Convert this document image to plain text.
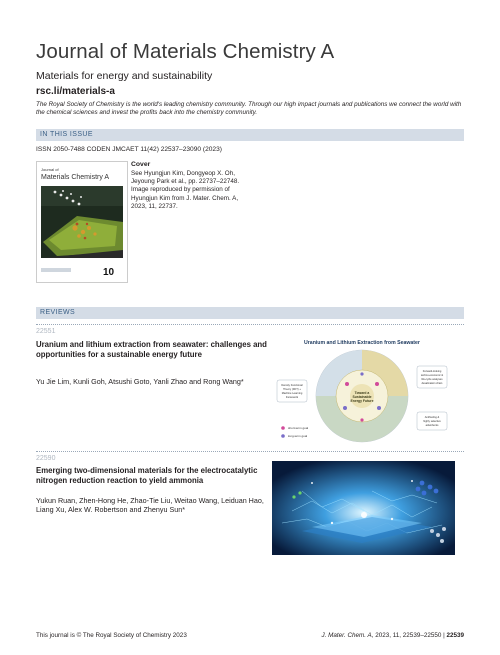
Journal of Materials Chemistry A
Materials for energy and sustainability
rsc.li/materials-a
The Royal Society of Chemistry is the world's leading chemistry community. Through our high impact journals and publications we connect the world with the chemical sciences and invest the profits back into the chemistry community.
IN THIS ISSUE
ISSN 2050-7488 CODEN JMCAET 11(42) 22537–23090 (2023)
Journal of
Materials Chemistry A
10
Cover
See Hyungjun Kim, Dongyeop X. Oh, Jeyoung Park et al., pp. 22737–22748. Image reproduced by permission of Hyungjun Kim from J. Mater. Chem. A, 2023, 11, 22737.
REVIEWS
22551
Uranium and lithium extraction from seawater: challenges and opportunities for a sustainable energy future
Yu Jie Lim, Kunli Goh, Atsushi Goto, Yanli Zhao and Rong Wang*
Uranium and Lithium Extraction from Seawater
Toward a
Sustainable
Energy Future
Density Functional
Theory (DFT) +
Machine Learning
framework
Forward-looking
techno-economic &
life-cycle analyses
desalination chain
Antifouling &
highly selective
adsorbents
short-term goal
long-term goal
22590
Emerging two-dimensional materials for the electrocatalytic nitrogen reduction reaction to yield ammonia
Yukun Ruan, Zhen-Hong He, Zhao-Tie Liu, Weitao Wang, Leiduan Hao, Liang Xu, Alex W. Robertson and Zhenyu Sun*
This journal is © The Royal Society of Chemistry 2023	J. Mater. Chem. A, 2023, 11, 22539–22550 | 22539
